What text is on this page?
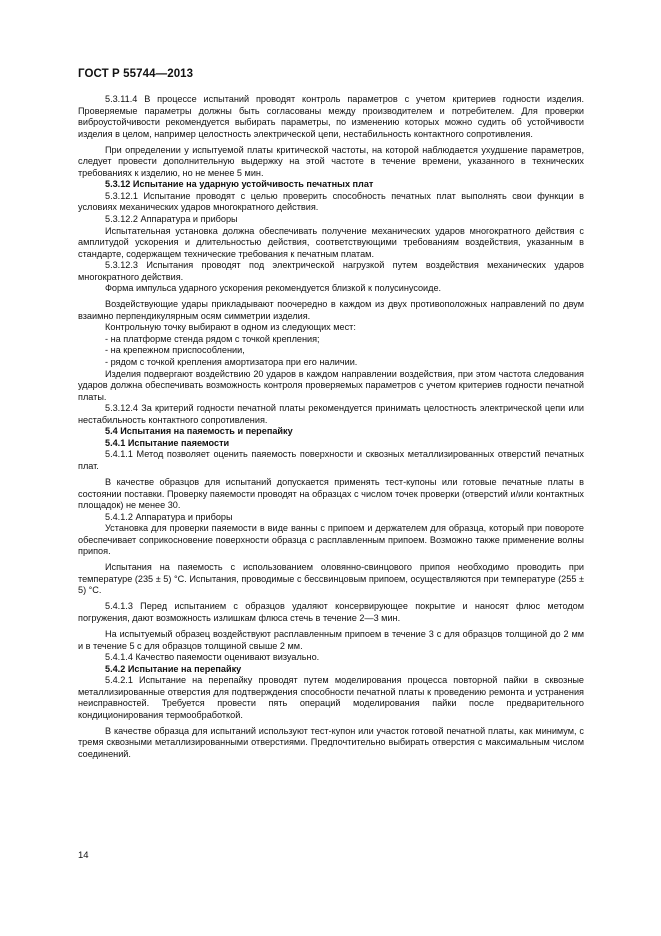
ГОСТ Р 55744—2013

5.3.11.4 В процессе испытаний проводят контроль параметров с учетом критериев годности изделия. Проверяемые параметры должны быть согласованы между производителем и потребителем. Для проверки виброустойчивости рекомендуется выбирать параметры, по изменению которых можно судить об устойчивости изделия в целом, например целостность электрической цепи, нестабильность контактного сопротивления.

При определении у испытуемой платы критической частоты, на которой наблюдается ухудшение параметров, следует провести дополнительную выдержку на этой частоте в течение времени, указанного в технических требованиях к изделию, но не менее 5 мин.

5.3.12 Испытание на ударную устойчивость печатных плат

5.3.12.1 Испытание проводят с целью проверить способность печатных плат выполнять свои функции в условиях механических ударов многократного действия.

5.3.12.2 Аппаратура и приборы

Испытательная установка должна обеспечивать получение механических ударов многократного действия с амплитудой ускорения и длительностью действия, соответствующими требованиям воздействия, указанным в стандарте, содержащем технические требования к печатным платам.

5.3.12.3 Испытания проводят под электрической нагрузкой путем воздействия механических ударов многократного действия.

Форма импульса ударного ускорения рекомендуется близкой к полусинусоиде.

Воздействующие удары прикладывают поочередно в каждом из двух противоположных направлений по двум взаимно перпендикулярным осям симметрии изделия.

Контрольную точку выбирают в одном из следующих мест:

- на платформе стенда рядом с точкой крепления;

- на крепежном приспособлении,

- рядом с точкой крепления амортизатора при его наличии.

Изделия подвергают воздействию 20 ударов в каждом направлении воздействия, при этом частота следования ударов должна обеспечивать возможность контроля проверяемых параметров с учетом критериев годности печатной платы.

5.3.12.4 За критерий годности печатной платы рекомендуется принимать целостность электрической цепи или нестабильность контактного сопротивления.

5.4 Испытания на паяемость и перепайку

5.4.1 Испытание паяемости

5.4.1.1 Метод позволяет оценить паяемость поверхности и сквозных металлизированных отверстий печатных плат.

В качестве образцов для испытаний допускается применять тест-купоны или готовые печатные платы в состоянии поставки. Проверку паяемости проводят на образцах с числом точек проверки (отверстий и/или контактных площадок) не менее 30.

5.4.1.2 Аппаратура и приборы

Установка для проверки паяемости в виде ванны с припоем и держателем для образца, который при повороте обеспечивает соприкосновение поверхности образца с расплавленным припоем. Возможно также применение волны припоя.

Испытания на паяемость с использованием оловянно-свинцового припоя необходимо проводить при температуре (235 ± 5) °С. Испытания, проводимые с бессвинцовым припоем, осуществляются при температуре (255 ± 5) °С.

5.4.1.3 Перед испытанием с образцов удаляют консервирующее покрытие и наносят флюс методом погружения, дают возможность излишкам флюса стечь в течение 2—3 мин.

На испытуемый образец воздействуют расплавленным припоем в течение 3 с для образцов толщиной до 2 мм и в течение 5 с для образцов толщиной свыше 2 мм.

5.4.1.4 Качество паяемости оценивают визуально.

5.4.2 Испытание на перепайку

5.4.2.1 Испытание на перепайку проводят путем моделирования процесса повторной пайки в сквозные металлизированные отверстия для подтверждения способности печатной платы к проведению ремонта и устранения неисправностей. Требуется провести пять операций моделирования пайки после предварительного кондиционирования термообработкой.

В качестве образца для испытаний используют тест-купон или участок готовой печатной платы, как минимум, с тремя сквозными металлизированными отверстиями. Предпочтительно выбирать отверстия с максимальным числом соединений.

14
